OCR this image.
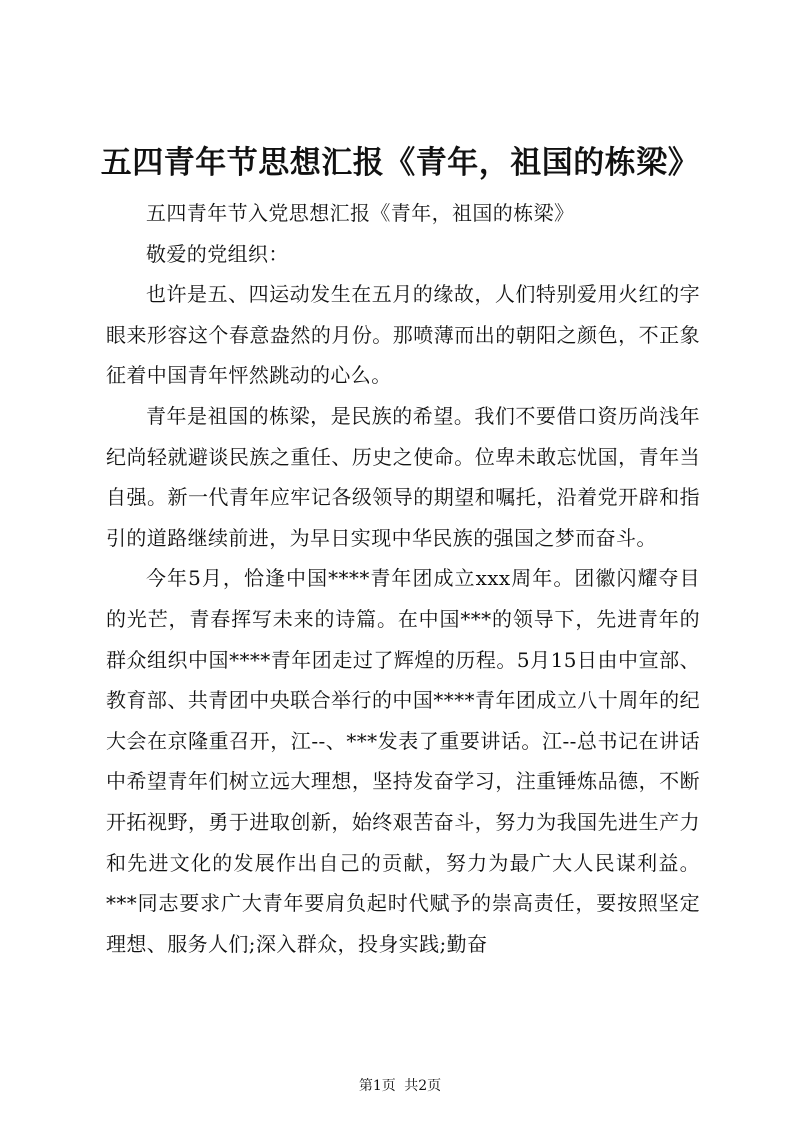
五四青年节思想汇报《青年，祖国的栋梁》

五四青年节入党思想汇报《青年，祖国的栋梁》

敬爱的党组织：

也许是五、四运动发生在五月的缘故，人们特别爱用火红的字眼来形容这个春意盎然的月份。那喷薄而出的朝阳之颜色，不正象征着中国青年怦然跳动的心么。

青年是祖国的栋梁，是民族的希望。我们不要借口资历尚浅年纪尚轻就避谈民族之重任、历史之使命。位卑未敢忘忧国，青年当自强。新一代青年应牢记各级领导的期望和嘱托，沿着党开辟和指引的道路继续前进，为早日实现中华民族的强国之梦而奋斗。

今年5月，恰逢中国****青年团成立xxx周年。团徽闪耀夺目的光芒，青春挥写未来的诗篇。在中国***的领导下，先进青年的群众组织中国****青年团走过了辉煌的历程。5月15日由中宣部、教育部、共青团中央联合举行的中国****青年团成立八十周年的纪大会在京隆重召开，江--、***发表了重要讲话。江--总书记在讲话中希望青年们树立远大理想，坚持发奋学习，注重锤炼品德，不断开拓视野，勇于进取创新，始终艰苦奋斗，努力为我国先进生产力和先进文化的发展作出自己的贡献，努力为最广大人民谋利益。***同志要求广大青年要肩负起时代赋予的崇高责任，要按照坚定理想、服务人们;深入群众，投身实践;勤奋

第1页 共2页
